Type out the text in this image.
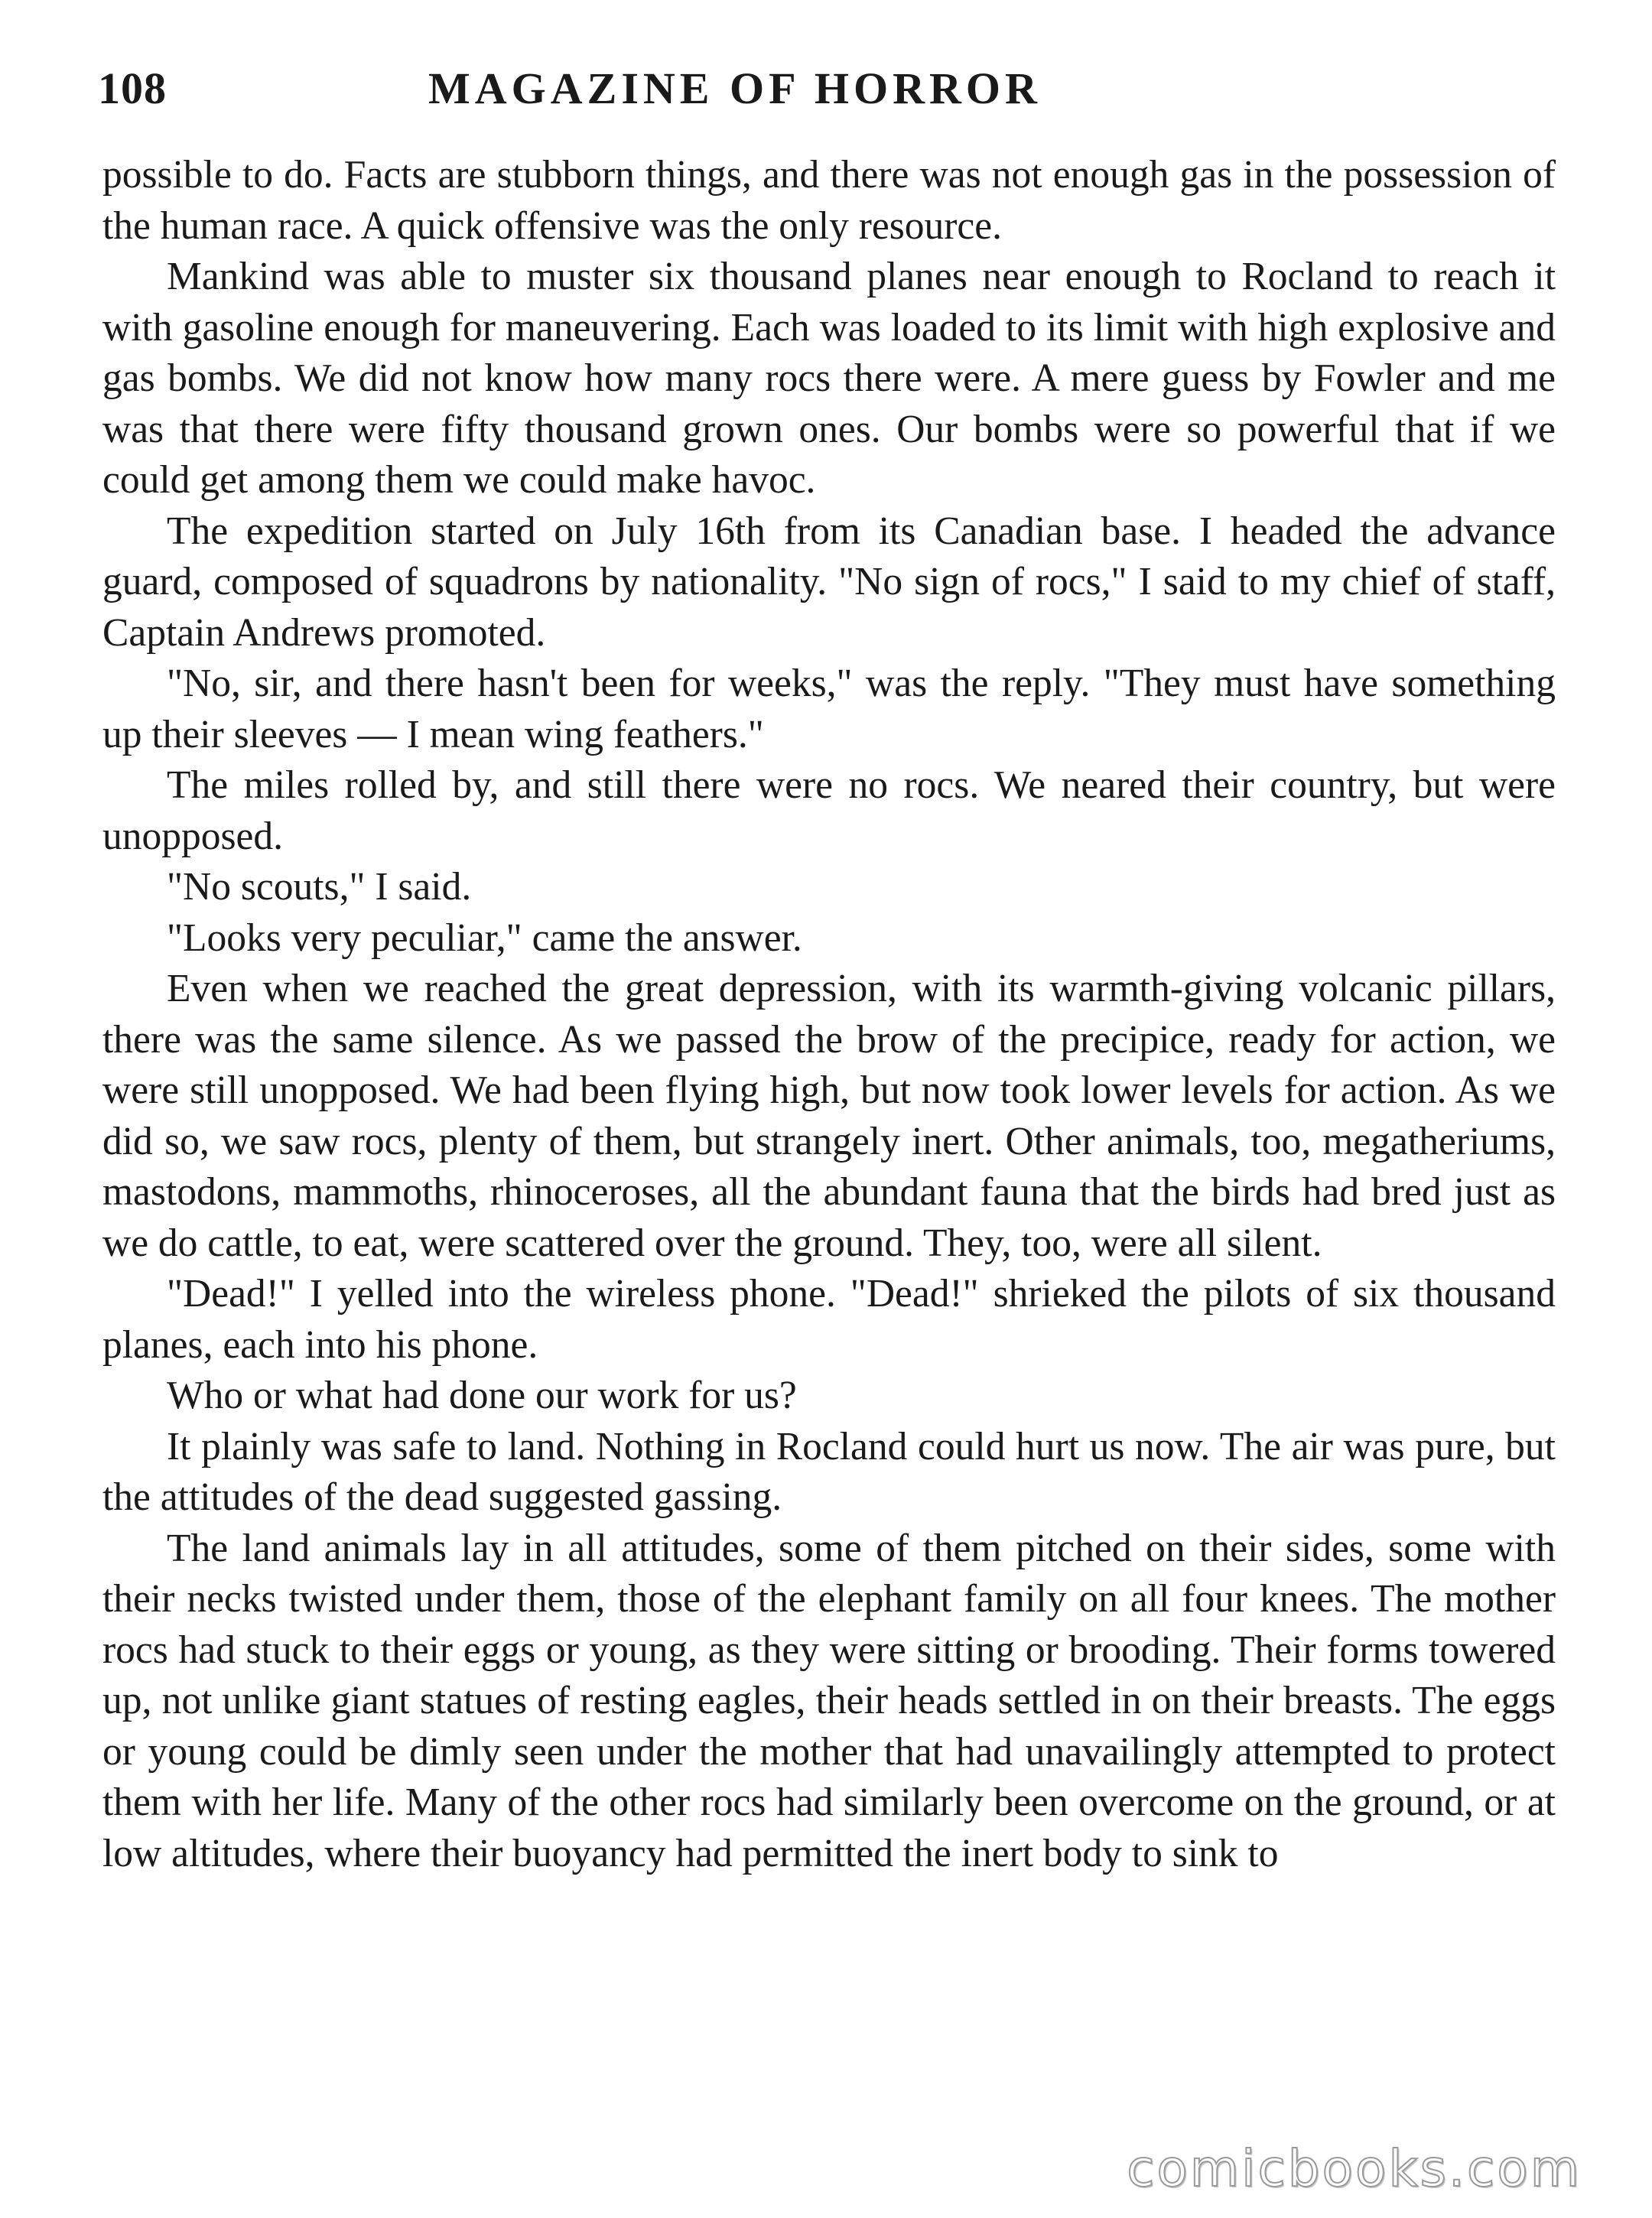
108	MAGAZINE OF HORROR

possible to do. Facts are stubborn things, and there was not enough gas in the possession of the human race. A quick offensive was the only resource.

Mankind was able to muster six thousand planes near enough to Rocland to reach it with gasoline enough for maneuvering. Each was loaded to its limit with high explosive and gas bombs. We did not know how many rocs there were. A mere guess by Fowler and me was that there were fifty thousand grown ones. Our bombs were so powerful that if we could get among them we could make havoc.

The expedition started on July 16th from its Canadian base. I headed the advance guard, composed of squadrons by nationality. "No sign of rocs," I said to my chief of staff, Captain Andrews promoted.

"No, sir, and there hasn't been for weeks," was the reply. "They must have something up their sleeves — I mean wing feathers."

The miles rolled by, and still there were no rocs. We neared their country, but were unopposed.

"No scouts," I said.

"Looks very peculiar," came the answer.

Even when we reached the great depression, with its warmth-giving volcanic pillars, there was the same silence. As we passed the brow of the precipice, ready for action, we were still unopposed. We had been flying high, but now took lower levels for action. As we did so, we saw rocs, plenty of them, but strangely inert. Other animals, too, megatheriums, mastodons, mammoths, rhinoceroses, all the abundant fauna that the birds had bred just as we do cattle, to eat, were scattered over the ground. They, too, were all silent.

"Dead!" I yelled into the wireless phone. "Dead!" shrieked the pilots of six thousand planes, each into his phone.

Who or what had done our work for us?

It plainly was safe to land. Nothing in Rocland could hurt us now. The air was pure, but the attitudes of the dead suggested gassing.

The land animals lay in all attitudes, some of them pitched on their sides, some with their necks twisted under them, those of the elephant family on all four knees. The mother rocs had stuck to their eggs or young, as they were sitting or brooding. Their forms towered up, not unlike giant statues of resting eagles, their heads settled in on their breasts. The eggs or young could be dimly seen under the mother that had unavailingly attempted to protect them with her life. Many of the other rocs had similarly been overcome on the ground, or at low altitudes, where their buoyancy had permitted the inert body to sink to

comicbooks.com
